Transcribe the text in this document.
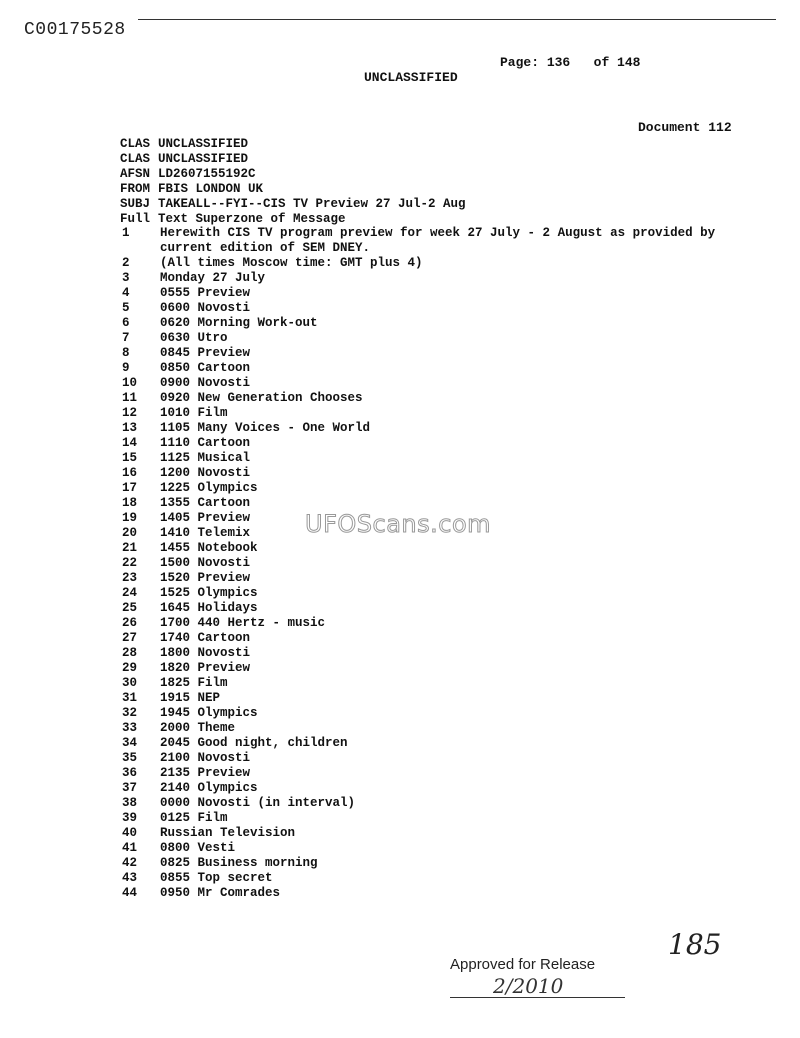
C00175528
Page: 136 of 148
UNCLASSIFIED
Document 112
CLAS UNCLASSIFIED
CLAS UNCLASSIFIED
AFSN LD2607155192C
FROM FBIS LONDON UK
SUBJ TAKEALL--FYI--CIS TV Preview 27 Jul-2 Aug
Full Text Superzone of Message
1	Herewith CIS TV program preview for week 27 July - 2 August as provided by
current edition of SEM DNEY.
2	(All times Moscow time: GMT plus 4)
3	Monday 27 July
4	0555 Preview
5	0600 Novosti
6	0620 Morning Work-out
7	0630 Utro
8	0845 Preview
9	0850 Cartoon
10	0900 Novosti
11	0920 New Generation Chooses
12	1010 Film
13	1105 Many Voices - One World
14	1110 Cartoon
15	1125 Musical
16	1200 Novosti
17	1225 Olympics
18	1355 Cartoon
19	1405 Preview
20	1410 Telemix
21	1455 Notebook
22	1500 Novosti
23	1520 Preview
24	1525 Olympics
25	1645 Holidays
26	1700 440 Hertz - music
27	1740 Cartoon
28	1800 Novosti
29	1820 Preview
30	1825 Film
31	1915 NEP
32	1945 Olympics
33	2000 Theme
34	2045 Good night, children
35	2100 Novosti
36	2135 Preview
37	2140 Olympics
38	0000 Novosti (in interval)
39	0125 Film
40	Russian Television
41	0800 Vesti
42	0825 Business morning
43	0855 Top secret
44	0950 Mr Comrades
UFOScans.com
185
Approved for Release
2/2010
